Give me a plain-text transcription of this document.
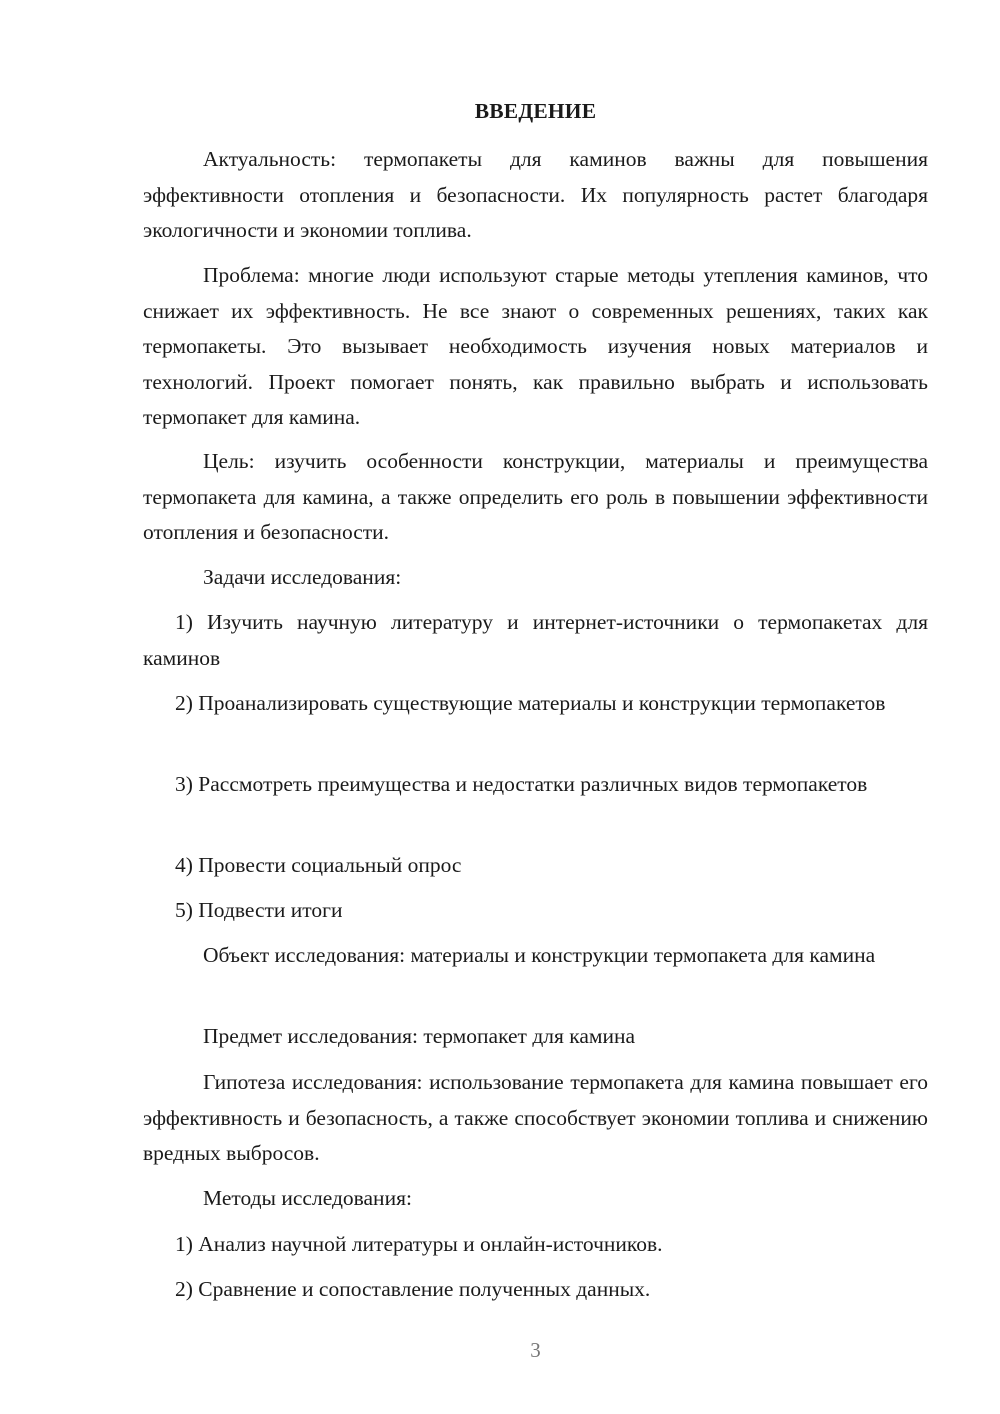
ВВЕДЕНИЕ

Актуальность: термопакеты для каминов важны для повышения эффективности отопления и безопасности. Их популярность растет благодаря экологичности и экономии топлива.

Проблема: многие люди используют старые методы утепления каминов, что снижает их эффективность. Не все знают о современных решениях, таких как термопакеты. Это вызывает необходимость изучения новых материалов и технологий. Проект помогает понять, как правильно выбрать и использовать термопакет для камина.

Цель: изучить особенности конструкции, материалы и преимущества термопакета для камина, а также определить его роль в повышении эффективности отопления и безопасности.

Задачи исследования:

1) Изучить научную литературу и интернет-источники о термопакетах для каминов

2) Проанализировать существующие материалы и конструкции термопакетов

3) Рассмотреть преимущества и недостатки различных видов термопакетов

4) Провести социальный опрос

5) Подвести итоги

Объект исследования: материалы и конструкции термопакета для камина

Предмет исследования: термопакет для камина

Гипотеза исследования: использование термопакета для камина повышает его эффективность и безопасность, а также способствует экономии топлива и снижению вредных выбросов.

Методы исследования:

1) Анализ научной литературы и онлайн-источников.

2) Сравнение и сопоставление полученных данных.

3
